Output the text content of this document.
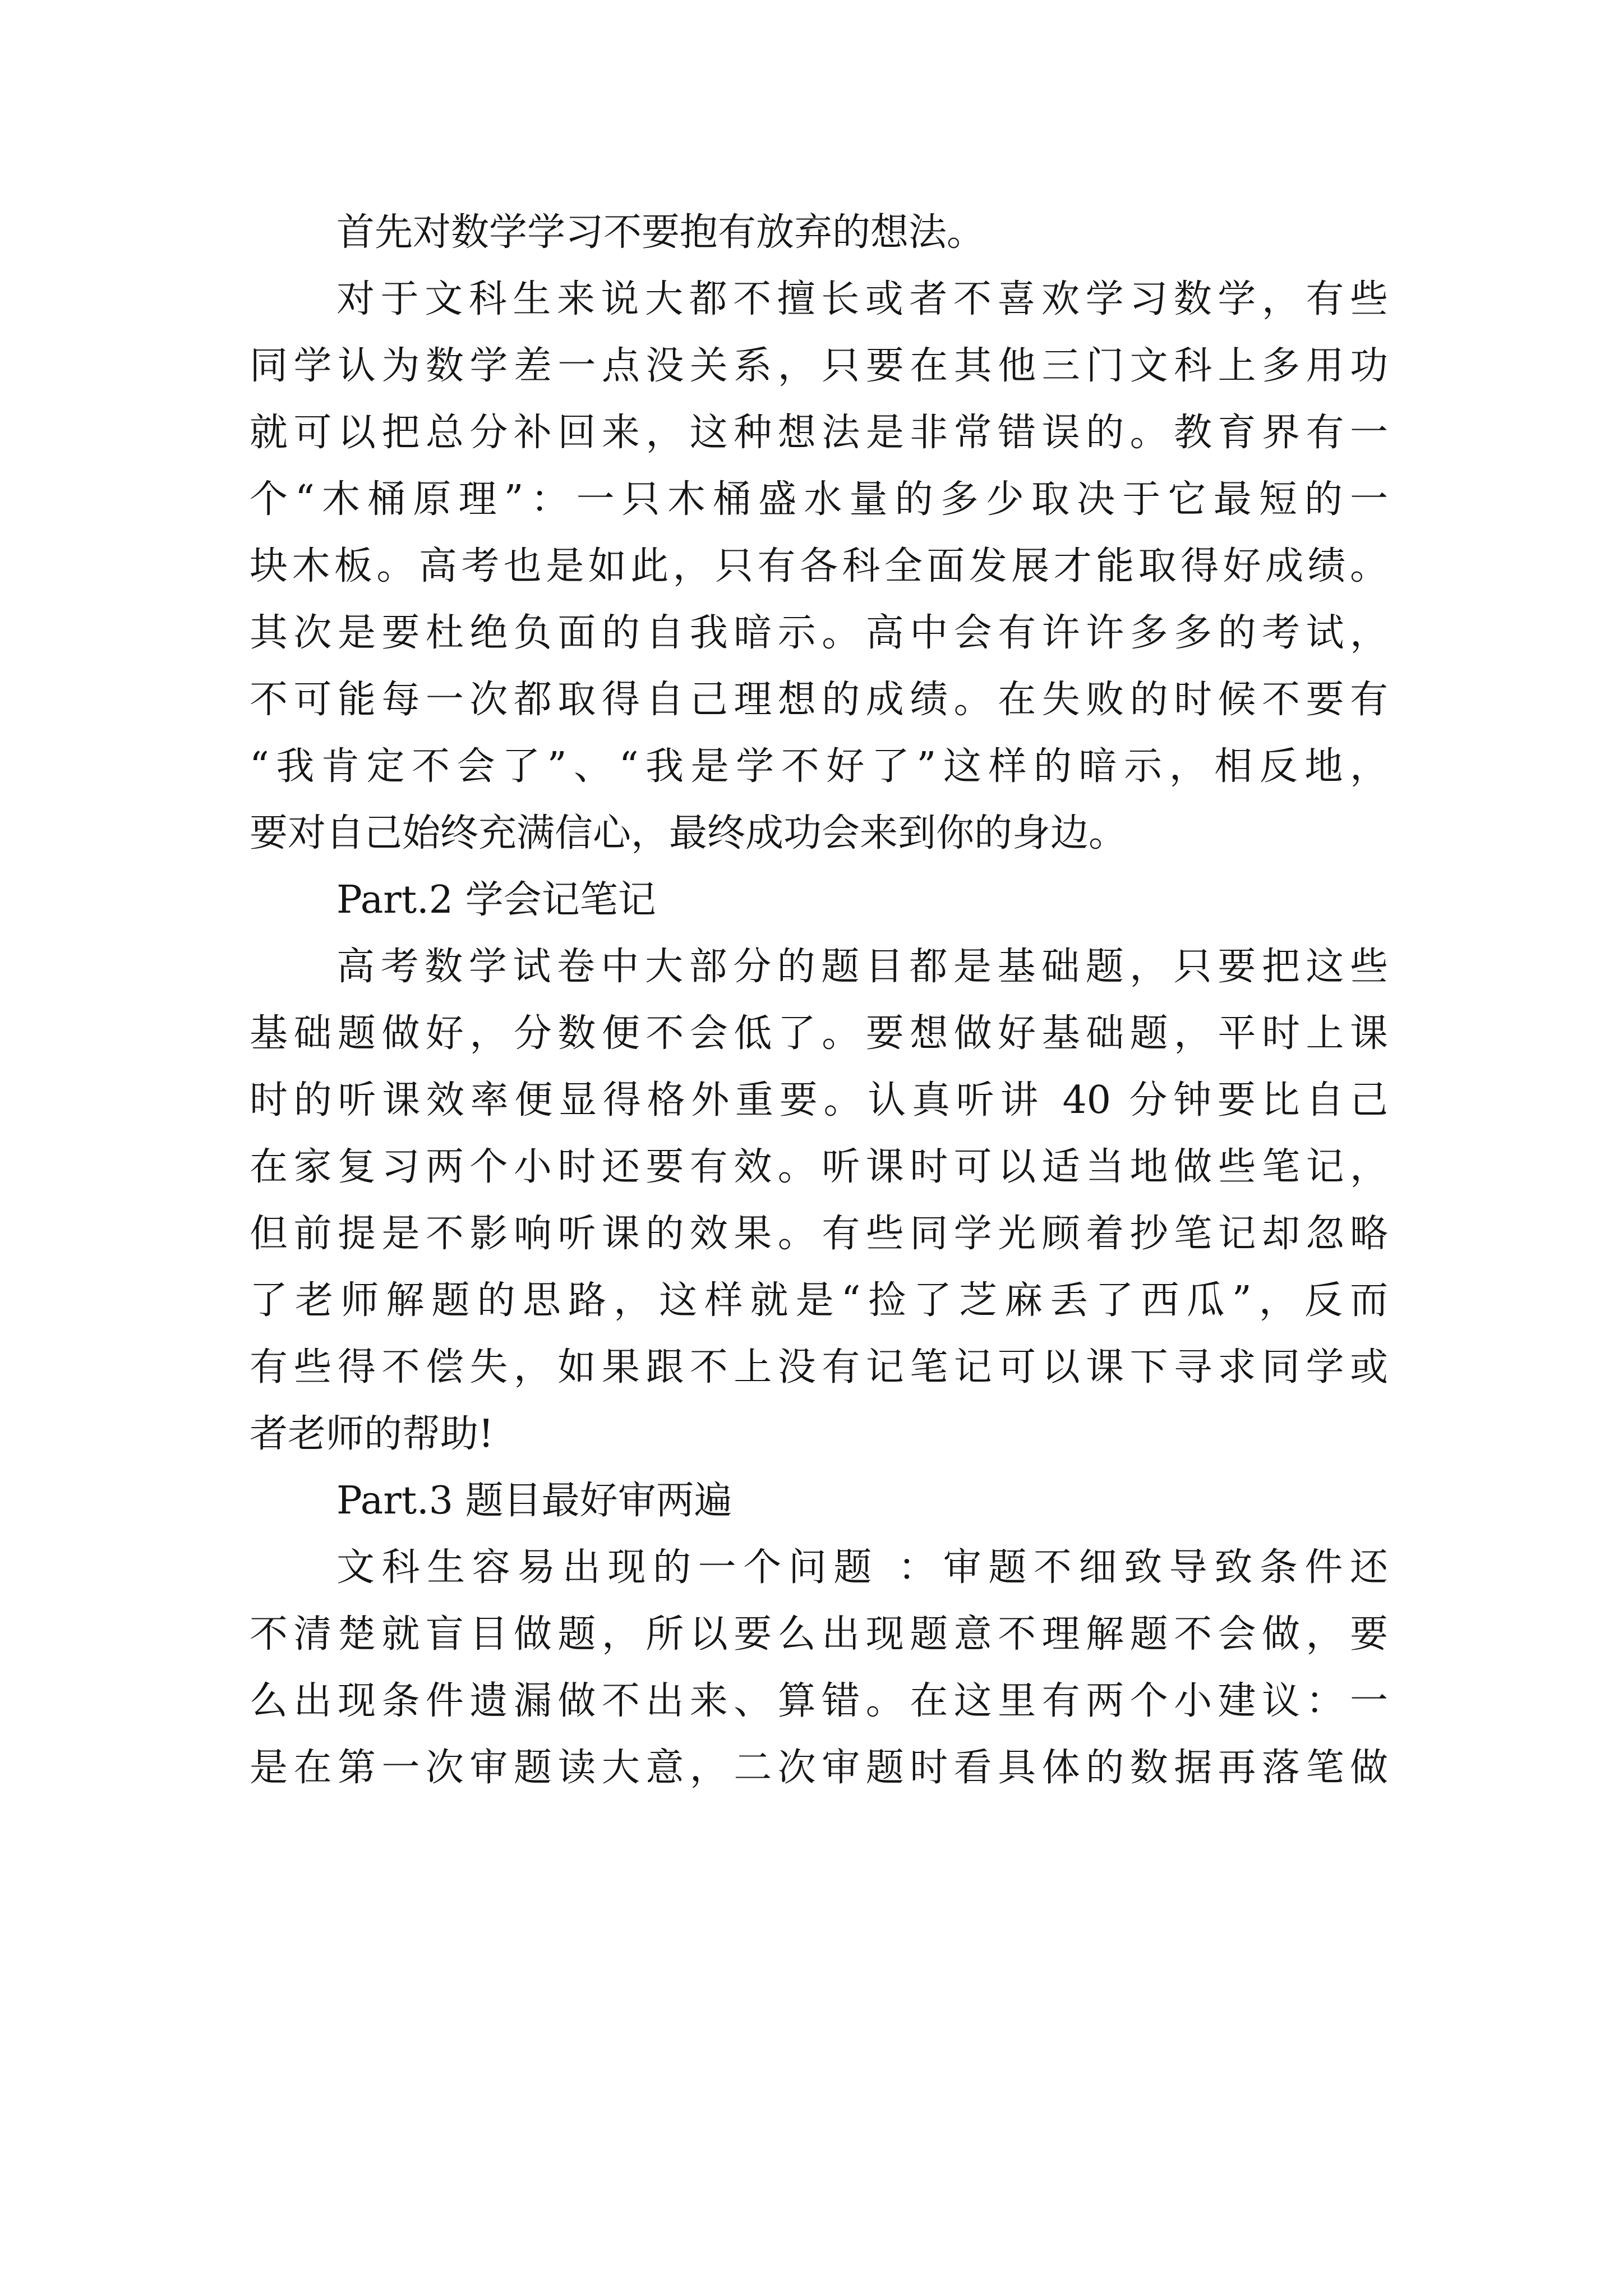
首先对数学学习不要抱有放弃的想法。
对于文科生来说大都不擅长或者不喜欢学习数学，有些
同学认为数学差一点没关系，只要在其他三门文科上多用功
就可以把总分补回来，这种想法是非常错误的。教育界有一
个“木桶原理”：一只木桶盛水量的多少取决于它最短的一
块木板。高考也是如此，只有各科全面发展才能取得好成绩。
其次是要杜绝负面的自我暗示。高中会有许许多多的考试，
不可能每一次都取得自己理想的成绩。在失败的时候不要有
“我肯定不会了”、“我是学不好了”这样的暗示，相反地，
要对自己始终充满信心，最终成功会来到你的身边。
Part.2 学会记笔记
高考数学试卷中大部分的题目都是基础题，只要把这些
基础题做好，分数便不会低了。要想做好基础题，平时上课
时的听课效率便显得格外重要。认真听讲 40 分钟要比自己
在家复习两个小时还要有效。听课时可以适当地做些笔记，
但前提是不影响听课的效果。有些同学光顾着抄笔记却忽略
了老师解题的思路，这样就是“捡了芝麻丢了西瓜”，反而
有些得不偿失，如果跟不上没有记笔记可以课下寻求同学或
者老师的帮助!
Part.3 题目最好审两遍
文科生容易出现的一个问题 ：审题不细致导致条件还
不清楚就盲目做题，所以要么出现题意不理解题不会做，要
么出现条件遗漏做不出来、算错。在这里有两个小建议：一
是在第一次审题读大意，二次审题时看具体的数据再落笔做
